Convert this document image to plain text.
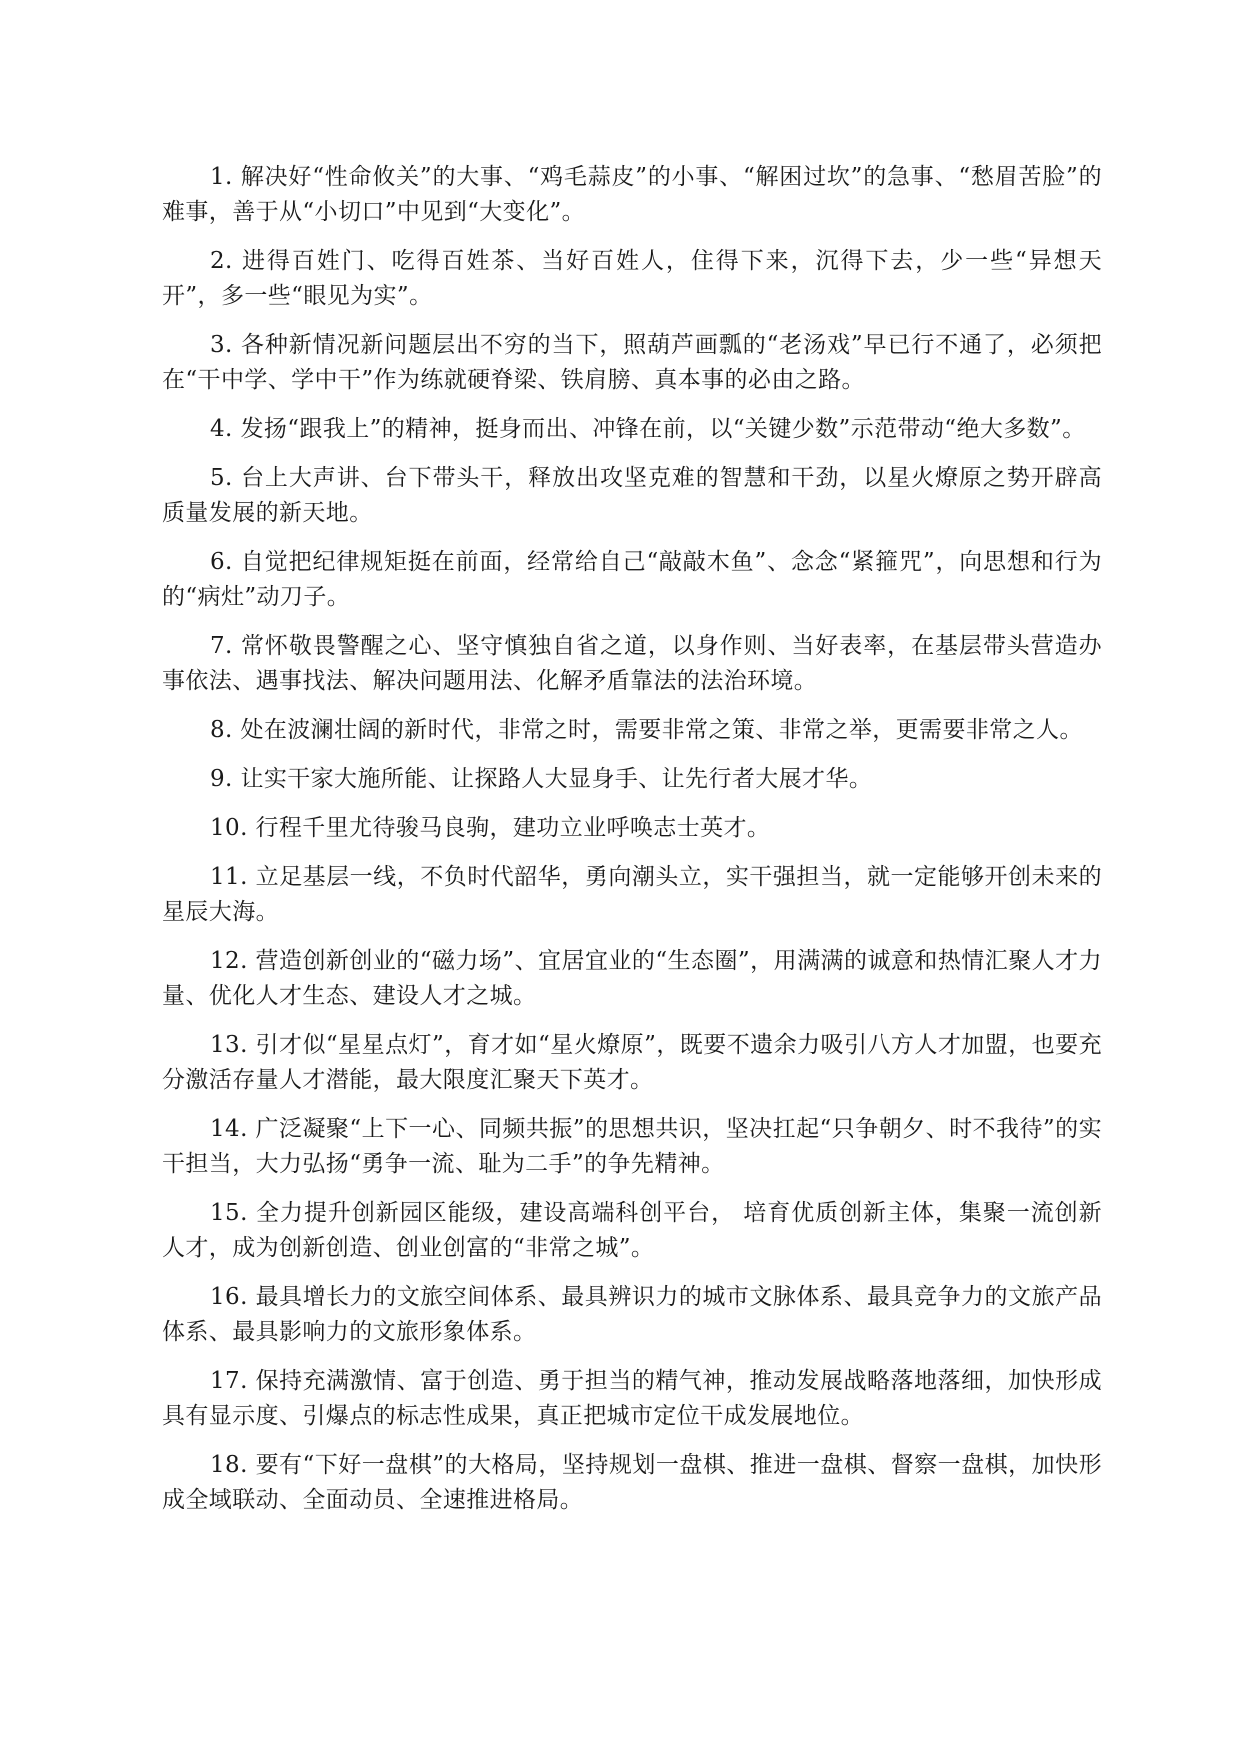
1. 解决好“性命攸关”的大事、“鸡毛蒜皮”的小事、“解困过坎”的急事、“愁眉苦脸”的难事，善于从“小切口”中见到“大变化”。

2. 进得百姓门、吃得百姓茶、当好百姓人，住得下来，沉得下去，少一些“异想天开”，多一些“眼见为实”。

3. 各种新情况新问题层出不穷的当下，照葫芦画瓢的“老汤戏”早已行不通了，必须把在“干中学、学中干”作为练就硬脊梁、铁肩膀、真本事的必由之路。

4. 发扬“跟我上”的精神，挺身而出、冲锋在前，以“关键少数”示范带动“绝大多数”。

5. 台上大声讲、台下带头干，释放出攻坚克难的智慧和干劲，以星火燎原之势开辟高质量发展的新天地。

6. 自觉把纪律规矩挺在前面，经常给自己“敲敲木鱼”、念念“紧箍咒”，向思想和行为的“病灶”动刀子。

7. 常怀敬畏警醒之心、坚守慎独自省之道，以身作则、当好表率，在基层带头营造办事依法、遇事找法、解决问题用法、化解矛盾靠法的法治环境。

8. 处在波澜壮阔的新时代，非常之时，需要非常之策、非常之举，更需要非常之人。

9. 让实干家大施所能、让探路人大显身手、让先行者大展才华。

10. 行程千里尤待骏马良驹，建功立业呼唤志士英才。

11. 立足基层一线，不负时代韶华，勇向潮头立，实干强担当，就一定能够开创未来的星辰大海。

12. 营造创新创业的“磁力场”、宜居宜业的“生态圈”，用满满的诚意和热情汇聚人才力量、优化人才生态、建设人才之城。

13. 引才似“星星点灯”，育才如“星火燎原”，既要不遗余力吸引八方人才加盟，也要充分激活存量人才潜能，最大限度汇聚天下英才。

14. 广泛凝聚“上下一心、同频共振”的思想共识，坚决扛起“只争朝夕、时不我待”的实干担当，大力弘扬“勇争一流、耻为二手”的争先精神。

15. 全力提升创新园区能级，建设高端科创平台， 培育优质创新主体，集聚一流创新人才，成为创新创造、创业创富的“非常之城”。

16. 最具增长力的文旅空间体系、最具辨识力的城市文脉体系、最具竞争力的文旅产品体系、最具影响力的文旅形象体系。

17. 保持充满激情、富于创造、勇于担当的精气神，推动发展战略落地落细，加快形成具有显示度、引爆点的标志性成果，真正把城市定位干成发展地位。

18. 要有“下好一盘棋”的大格局，坚持规划一盘棋、推进一盘棋、督察一盘棋，加快形成全域联动、全面动员、全速推进格局。
